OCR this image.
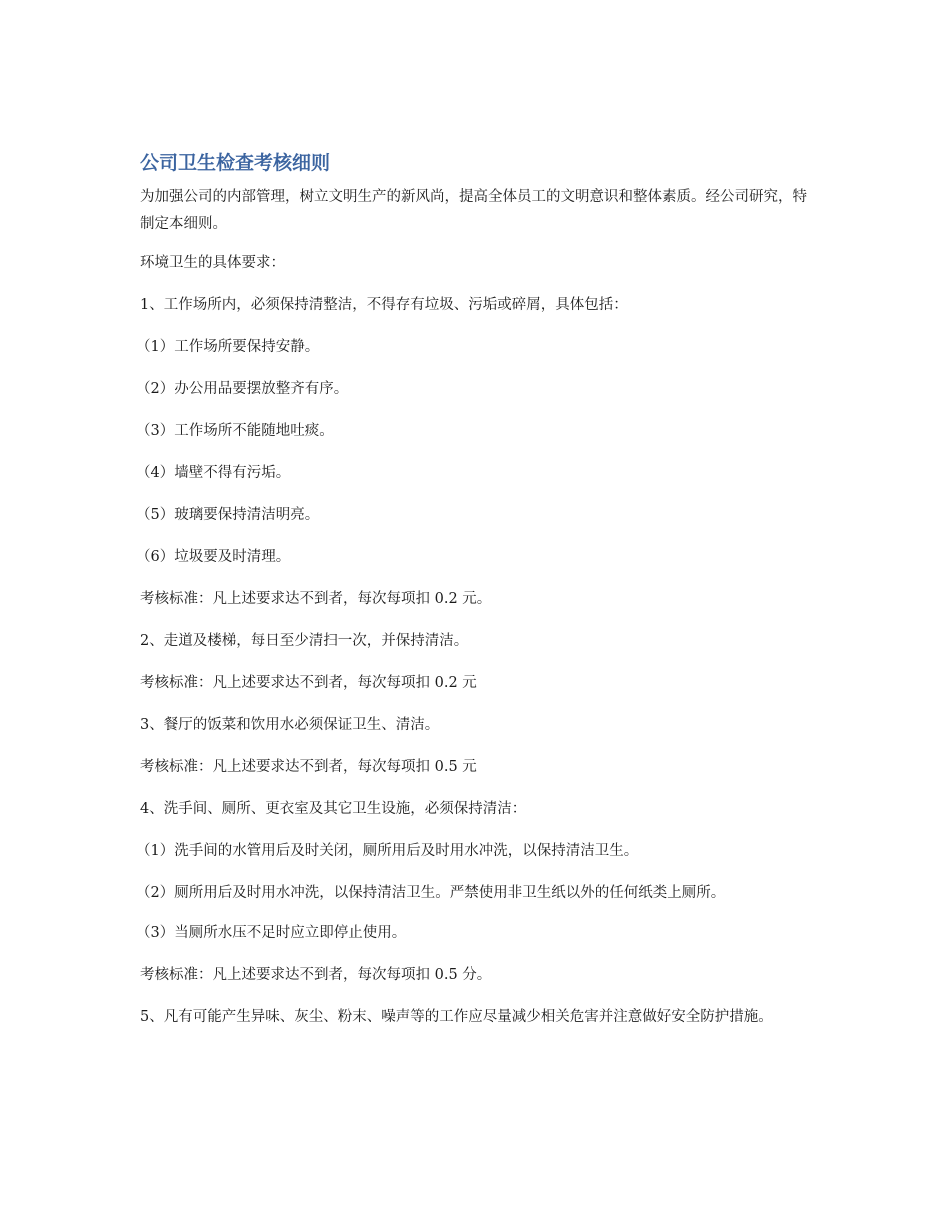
公司卫生检查考核细则

为加强公司的内部管理，树立文明生产的新风尚，提高全体员工的文明意识和整体素质。经公司研究，特制定本细则。

环境卫生的具体要求：

1、工作场所内，必须保持清整洁，不得存有垃圾、污垢或碎屑，具体包括：

（1）工作场所要保持安静。

（2）办公用品要摆放整齐有序。

（3）工作场所不能随地吐痰。

（4）墙壁不得有污垢。

（5）玻璃要保持清洁明亮。

（6）垃圾要及时清理。

考核标准：凡上述要求达不到者，每次每项扣 0.2 元。

2、走道及楼梯，每日至少清扫一次，并保持清洁。

考核标准：凡上述要求达不到者，每次每项扣 0.2 元

3、餐厅的饭菜和饮用水必须保证卫生、清洁。

考核标准：凡上述要求达不到者，每次每项扣 0.5 元

4、洗手间、厕所、更衣室及其它卫生设施，必须保持清洁：

（1）洗手间的水管用后及时关闭，厕所用后及时用水冲洗，以保持清洁卫生。

（2）厕所用后及时用水冲洗，以保持清洁卫生。严禁使用非卫生纸以外的任何纸类上厕所。

（3）当厕所水压不足时应立即停止使用。

考核标准：凡上述要求达不到者，每次每项扣 0.5 分。

5、凡有可能产生异味、灰尘、粉末、噪声等的工作应尽量减少相关危害并注意做好安全防护措施。
